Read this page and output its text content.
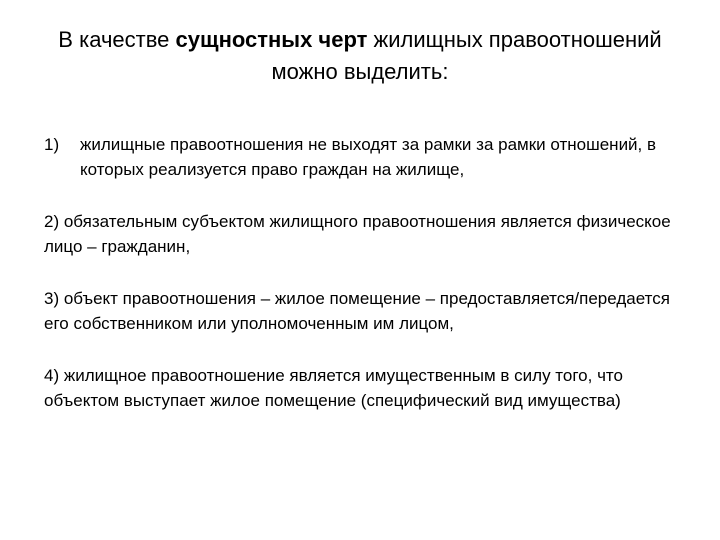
В качестве сущностных черт жилищных правоотношений можно выделить:
1)	жилищные правоотношения не выходят за рамки за рамки отношений, в которых реализуется право граждан на жилище,
2) обязательным субъектом жилищного правоотношения является физическое лицо – гражданин,
3) объект правоотношения – жилое помещение – предоставляется/передается его собственником или уполномоченным им лицом,
4) жилищное правоотношение является имущественным в силу того, что объектом выступает жилое помещение (специфический вид имущества)
